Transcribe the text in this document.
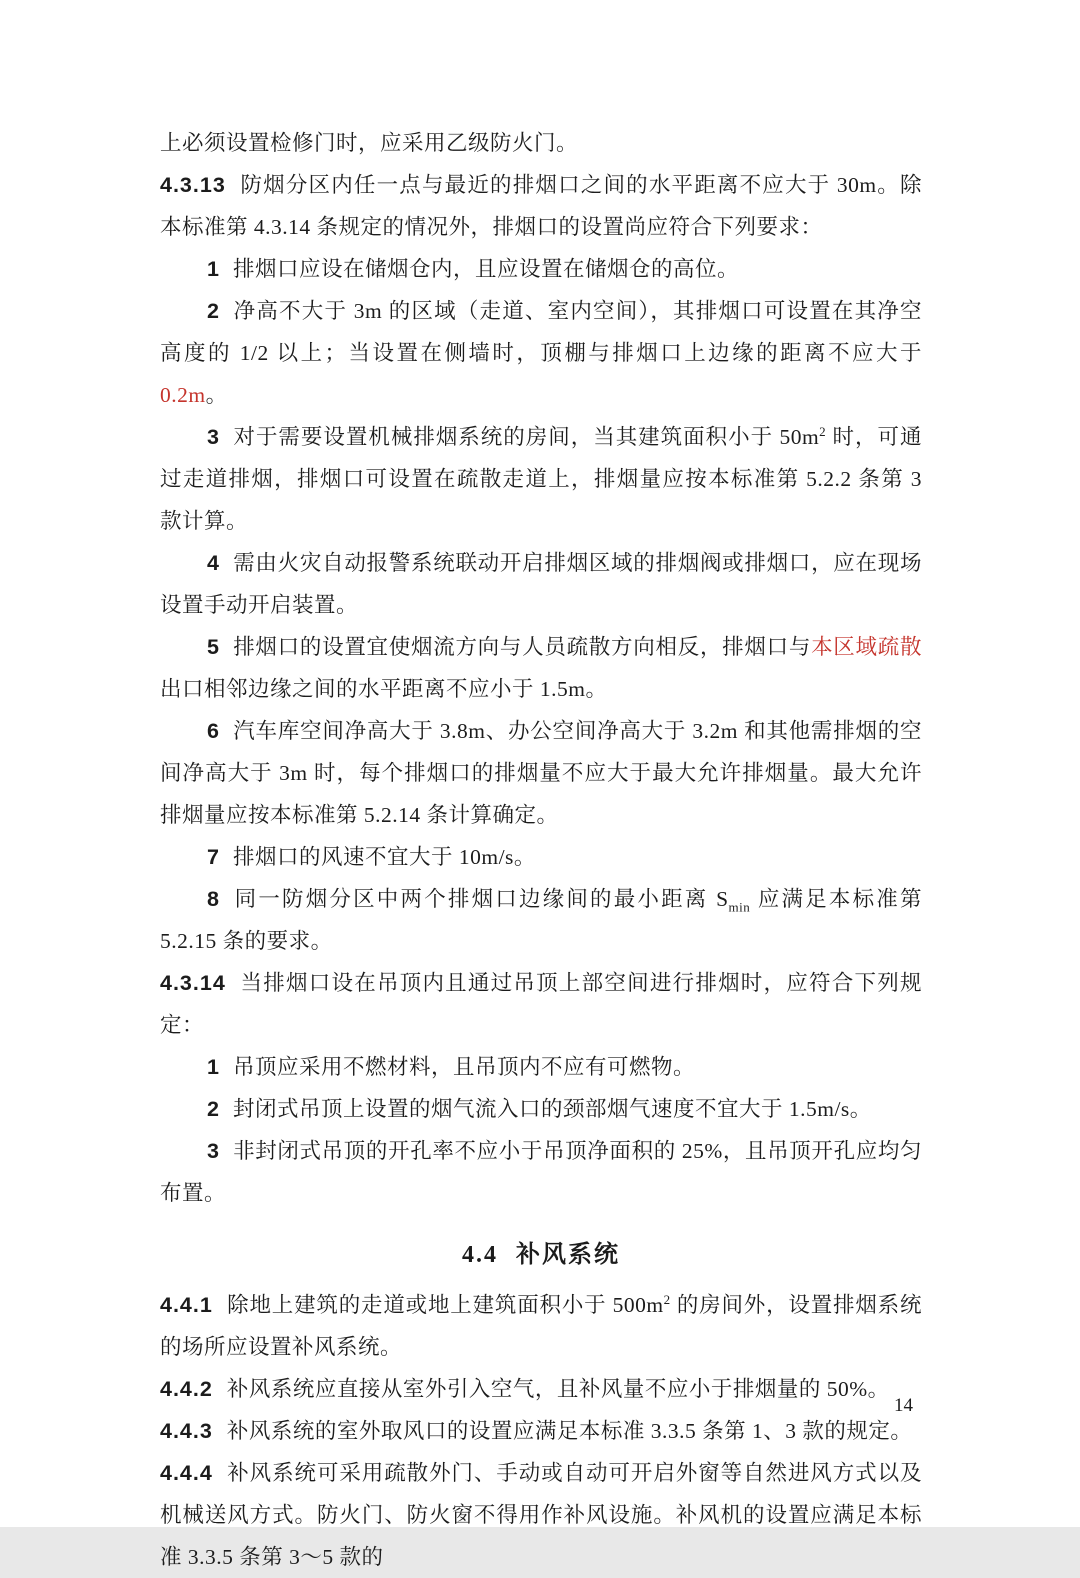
上必须设置检修门时，应采用乙级防火门。

4.3.13 防烟分区内任一点与最近的排烟口之间的水平距离不应大于 30m。除本标准第 4.3.14 条规定的情况外，排烟口的设置尚应符合下列要求：

1 排烟口应设在储烟仓内，且应设置在储烟仓的高位。

2 净高不大于 3m 的区域（走道、室内空间），其排烟口可设置在其净空高度的 1/2 以上；当设置在侧墙时，顶棚与排烟口上边缘的距离不应大于 0.2m。

3 对于需要设置机械排烟系统的房间，当其建筑面积小于 $50m^2$ 时，可通过走道排烟，排烟口可设置在疏散走道上，排烟量应按本标准第 5.2.2 条第 3 款计算。

4 需由火灾自动报警系统联动开启排烟区域的排烟阀或排烟口，应在现场设置手动开启装置。

5 排烟口的设置宜使烟流方向与人员疏散方向相反，排烟口与本区域疏散出口相邻边缘之间的水平距离不应小于 1.5m。

6 汽车库空间净高大于 3.8m、办公空间净高大于 3.2m 和其他需排烟的空间净高大于 3m 时，每个排烟口的排烟量不应大于最大允许排烟量。最大允许排烟量应按本标准第 5.2.14 条计算确定。

7 排烟口的风速不宜大于 10m/s。

8 同一防烟分区中两个排烟口边缘间的最小距离 $S_{min}$ 应满足本标准第 5.2.15 条的要求。

4.3.14 当排烟口设在吊顶内且通过吊顶上部空间进行排烟时，应符合下列规定：

1 吊顶应采用不燃材料，且吊顶内不应有可燃物。

2 封闭式吊顶上设置的烟气流入口的颈部烟气速度不宜大于 1.5m/s。

3 非封闭式吊顶的开孔率不应小于吊顶净面积的 25%，且吊顶开孔应均匀布置。

4.4 补风系统

4.4.1 除地上建筑的走道或地上建筑面积小于 $500m^2$ 的房间外，设置排烟系统的场所应设置补风系统。

4.4.2 补风系统应直接从室外引入空气，且补风量不应小于排烟量的 50%。

4.4.3 补风系统的室外取风口的设置应满足本标准 3.3.5 条第 1、3 款的规定。

4.4.4 补风系统可采用疏散外门、手动或自动可开启外窗等自然进风方式以及机械送风方式。防火门、防火窗不得用作补风设施。补风机的设置应满足本标准 3.3.5 条第 3～5 款的

14
